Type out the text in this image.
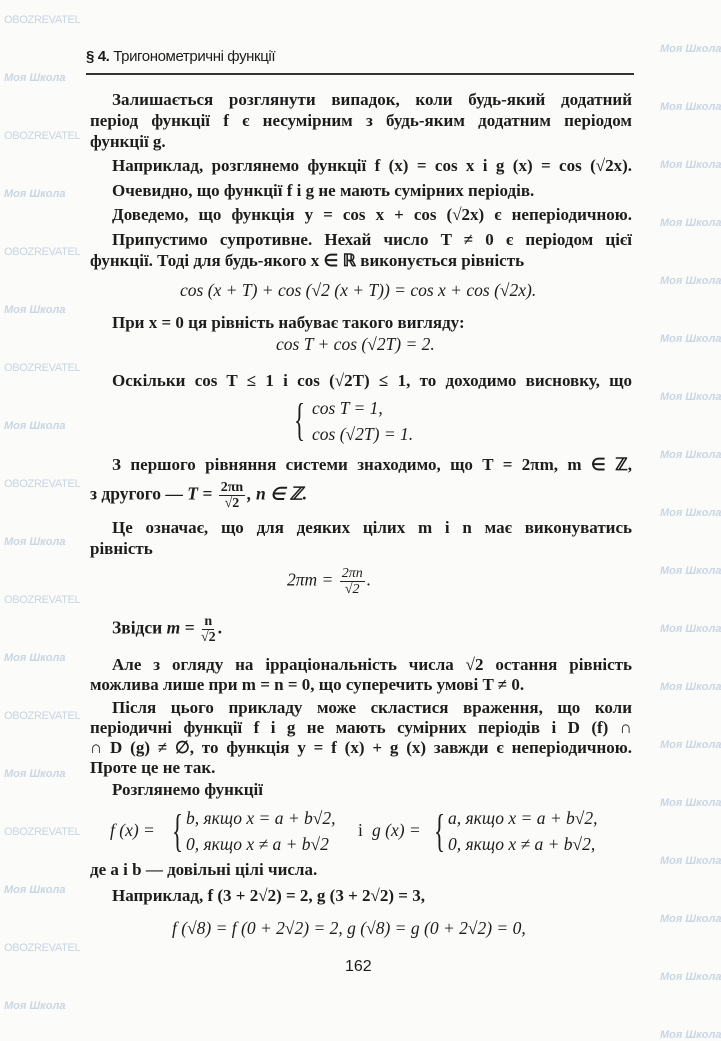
OBOZREVATEL
Моя Школа
Моя Школа
Моя Школа
OBOZREVATEL
Моя Школа
Моя Школа
Моя Школа
OBOZREVATEL
Моя Школа
Моя Школа
Моя Школа
OBOZREVATEL
Моя Школа
Моя Школа
Моя Школа
OBOZREVATEL
Моя Школа
Моя Школа
Моя Школа
OBOZREVATEL
Моя Школа
Моя Школа
Моя Школа
OBOZREVATEL
Моя Школа
Моя Школа
Моя Школа
OBOZREVATEL
Моя Школа
Моя Школа
Моя Школа
OBOZREVATEL
Моя Школа
Моя Школа
Моя Школа
§ 4. Тригонометричні функції
Залишається розглянути випадок, коли будь-який додатний
період функції f є несумірним з будь-яким додатним періодом
функції g.
Наприклад, розглянемо функції f (x) = cos x і g (x) = cos (√2x).
Очевидно, що функції f і g не мають сумірних періодів.
Доведемо, що функція y = cos x + cos (√2x) є неперіодичною.
Припустимо супротивне. Нехай число T ≠ 0 є періодом цієї
функції. Тоді для будь-якого x ∈ ℝ виконується рівність
cos (x + T) + cos (√2 (x + T)) = cos x + cos (√2x).
При x = 0 ця рівність набуває такого вигляду:
cos T + cos (√2T) = 2.
Оскільки cos T ≤ 1 і cos (√2T) ≤ 1, то доходимо висновку, що
{ cos T = 1,
cos (√2T) = 1.
З першого рівняння системи знаходимо, що T = 2πm, m ∈ ℤ,
з другого — $T = \frac{2\pi n}{√2}$ , n ∈ ℤ.
Це означає, що для деяких цілих m і n має виконуватись
рівність
$2\pi m = \frac{2\pi n}{√2}$ .
Звідси $m = \frac{n}{√2}$ .
Але з огляду на ірраціональність числа √2 остання рівність
можлива лише при m = n = 0, що суперечить умові T ≠ 0.
Після цього прикладу може скластися враження, що коли
періодичні функції f і g не мають сумірних періодів і D (f) ∩
∩ D (g) ≠ ∅, то функція y = f (x) + g (x) завжди є неперіодичною.
Проте це не так.
Розглянемо функції
f (x) = { b, якщо x = a + b√2,
0, якщо x ≠ a + b√2
і g (x) = { a, якщо x = a + b√2,
0, якщо x ≠ a + b√2,
де a і b — довільні цілі числа.
Наприклад, f (3 + 2√2) = 2, g (3 + 2√2) = 3,
f (√8) = f (0 + 2√2) = 2, g (√8) = g (0 + 2√2) = 0,
162
